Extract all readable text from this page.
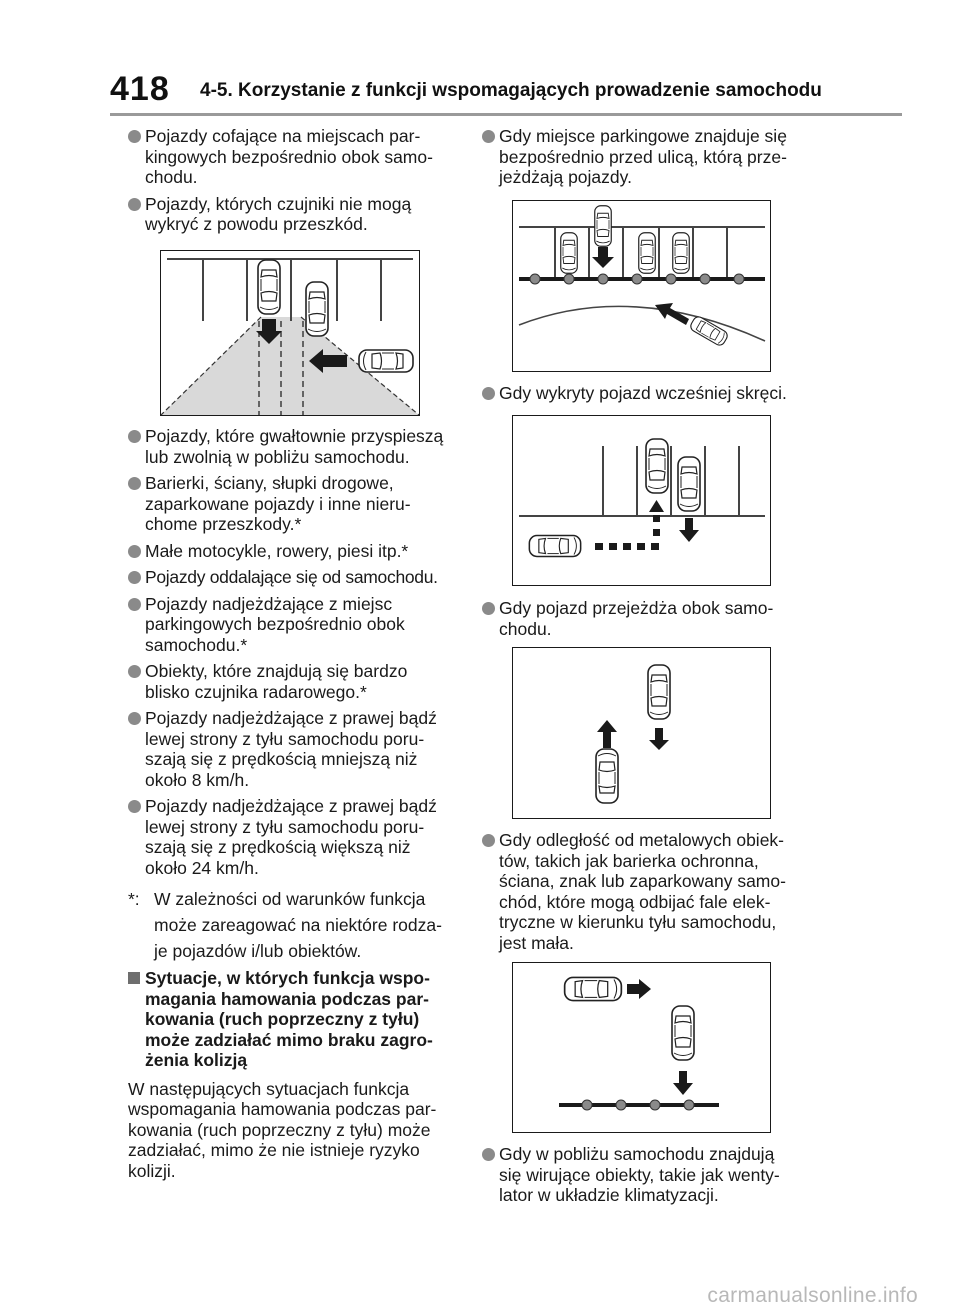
418 4-5. Korzystanie z funkcji wspomagających prowadzenie samochodu
Pojazdy cofające na miejscach par-
kingowych bezpośrednio obok samo-
chodu.
Pojazdy, których czujniki nie mogą
wykryć z powodu przeszkód.
Pojazdy, które gwałtownie przyspieszą
lub zwolnią w pobliżu samochodu.
Barierki, ściany, słupki drogowe,
zaparkowane pojazdy i inne nieru-
chome przeszkody.*
Małe motocykle, rowery, piesi itp.*
Pojazdy oddalające się od samochodu.
Pojazdy nadjeżdżające z miejsc
parkingowych bezpośrednio obok
samochodu.*
Obiekty, które znajdują się bardzo
blisko czujnika radarowego.*
Pojazdy nadjeżdżające z prawej bądź
lewej strony z tyłu samochodu poru-
szają się z prędkością mniejszą niż
około 8 km/h.
Pojazdy nadjeżdżające z prawej bądź
lewej strony z tyłu samochodu poru-
szają się z prędkością większą niż
około 24 km/h.
*: W zależności od warunków funkcja
może zareagować na niektóre rodza-
je pojazdów i/lub obiektów.
Sytuacje, w których funkcja wspo-
magania hamowania podczas par-
kowania (ruch poprzeczny z tyłu)
może zadziałać mimo braku zagro-
żenia kolizją
W następujących sytuacjach funkcja
wspomagania hamowania podczas par-
kowania (ruch poprzeczny z tyłu) może
zadziałać, mimo że nie istnieje ryzyko
kolizji.
Gdy miejsce parkingowe znajduje się
bezpośrednio przed ulicą, którą prze-
jeżdżają pojazdy.
Gdy wykryty pojazd wcześniej skręci.
Gdy pojazd przejeżdża obok samo-
chodu.
Gdy odległość od metalowych obiek-
tów, takich jak barierka ochronna,
ściana, znak lub zaparkowany samo-
chód, które mogą odbijać fale elek-
tryczne w kierunku tyłu samochodu,
jest mała.
Gdy w pobliżu samochodu znajdują
się wirujące obiekty, takie jak wenty-
lator w układzie klimatyzacji.
carmanualsonline.info
